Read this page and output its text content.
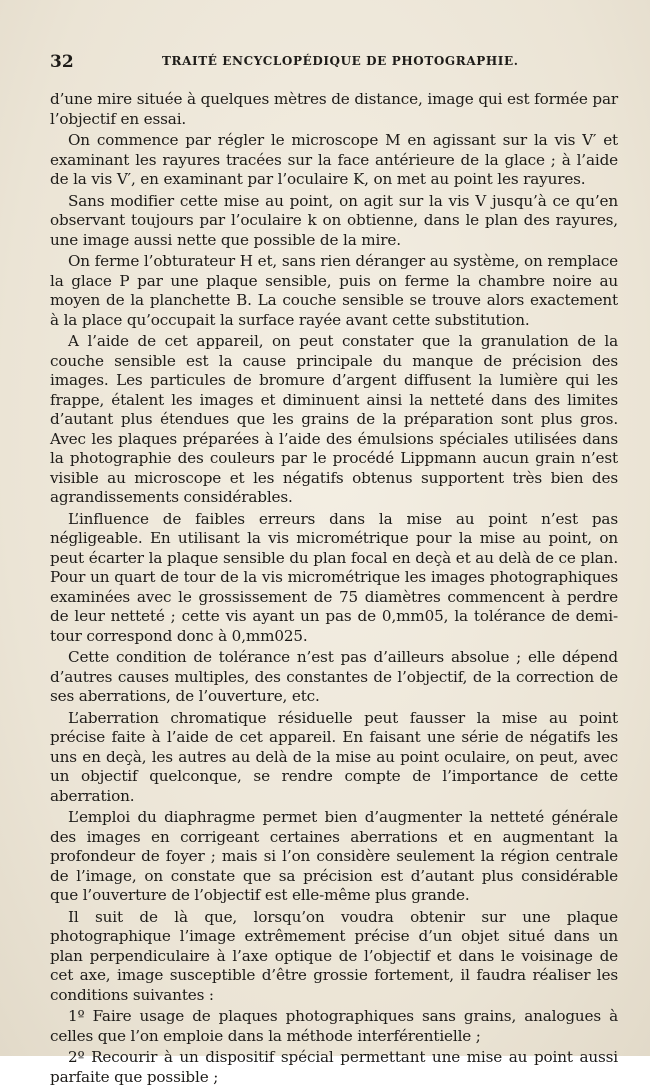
32	TRAITÉ ENCYCLOPÉDIQUE DE PHOTOGRAPHIE.

d’une mire située à quelques mètres de distance, image qui est formée par l’objectif en essai.

On commence par régler le microscope M en agissant sur la vis V′ et examinant les rayures tracées sur la face antérieure de la glace ; à l’aide de la vis V′, en examinant par l’oculaire K, on met au point les rayures.

Sans modifier cette mise au point, on agit sur la vis V jusqu’à ce qu’en observant toujours par l’oculaire k on obtienne, dans le plan des rayures, une image aussi nette que possible de la mire.

On ferme l’obturateur H et, sans rien déranger au système, on remplace la glace P par une plaque sensible, puis on ferme la chambre noire au moyen de la planchette B. La couche sensible se trouve alors exactement à la place qu’occupait la surface rayée avant cette substitution.

A l’aide de cet appareil, on peut constater que la granulation de la couche sensible est la cause principale du manque de précision des images. Les particules de bromure d’argent diffusent la lumière qui les frappe, étalent les images et diminuent ainsi la netteté dans des limites d’autant plus étendues que les grains de la préparation sont plus gros. Avec les plaques préparées à l’aide des émulsions spéciales utilisées dans la photographie des couleurs par le procédé Lippmann aucun grain n’est visible au microscope et les négatifs obtenus supportent très bien des agrandissements considérables.

L’influence de faibles erreurs dans la mise au point n’est pas négligeable. En utilisant la vis micrométrique pour la mise au point, on peut écarter la plaque sensible du plan focal en deçà et au delà de ce plan. Pour un quart de tour de la vis micrométrique les images photographiques examinées avec le grossissement de 75 diamètres commencent à perdre de leur netteté ; cette vis ayant un pas de 0,mm05, la tolérance de demi-tour correspond donc à 0,mm025.

Cette condition de tolérance n’est pas d’ailleurs absolue ; elle dépend d’autres causes multiples, des constantes de l’objectif, de la correction de ses aberrations, de l’ouverture, etc.

L’aberration chromatique résiduelle peut fausser la mise au point précise faite à l’aide de cet appareil. En faisant une série de négatifs les uns en deçà, les autres au delà de la mise au point oculaire, on peut, avec un objectif quelconque, se rendre compte de l’importance de cette aberration.

L’emploi du diaphragme permet bien d’augmenter la netteté générale des images en corrigeant certaines aberrations et en augmentant la profondeur de foyer ; mais si l’on considère seulement la région centrale de l’image, on constate que sa précision est d’autant plus considérable que l’ouverture de l’objectif est elle-même plus grande.

Il suit de là que, lorsqu’on voudra obtenir sur une plaque photographique l’image extrêmement précise d’un objet situé dans un plan perpendiculaire à l’axe optique de l’objectif et dans le voisinage de cet axe, image susceptible d’être grossie fortement, il faudra réaliser les conditions suivantes :

1º Faire usage de plaques photographiques sans grains, analogues à celles que l’on emploie dans la méthode interférentielle ;

2º Recourir à un dispositif spécial permettant une mise au point aussi parfaite que possible ;
